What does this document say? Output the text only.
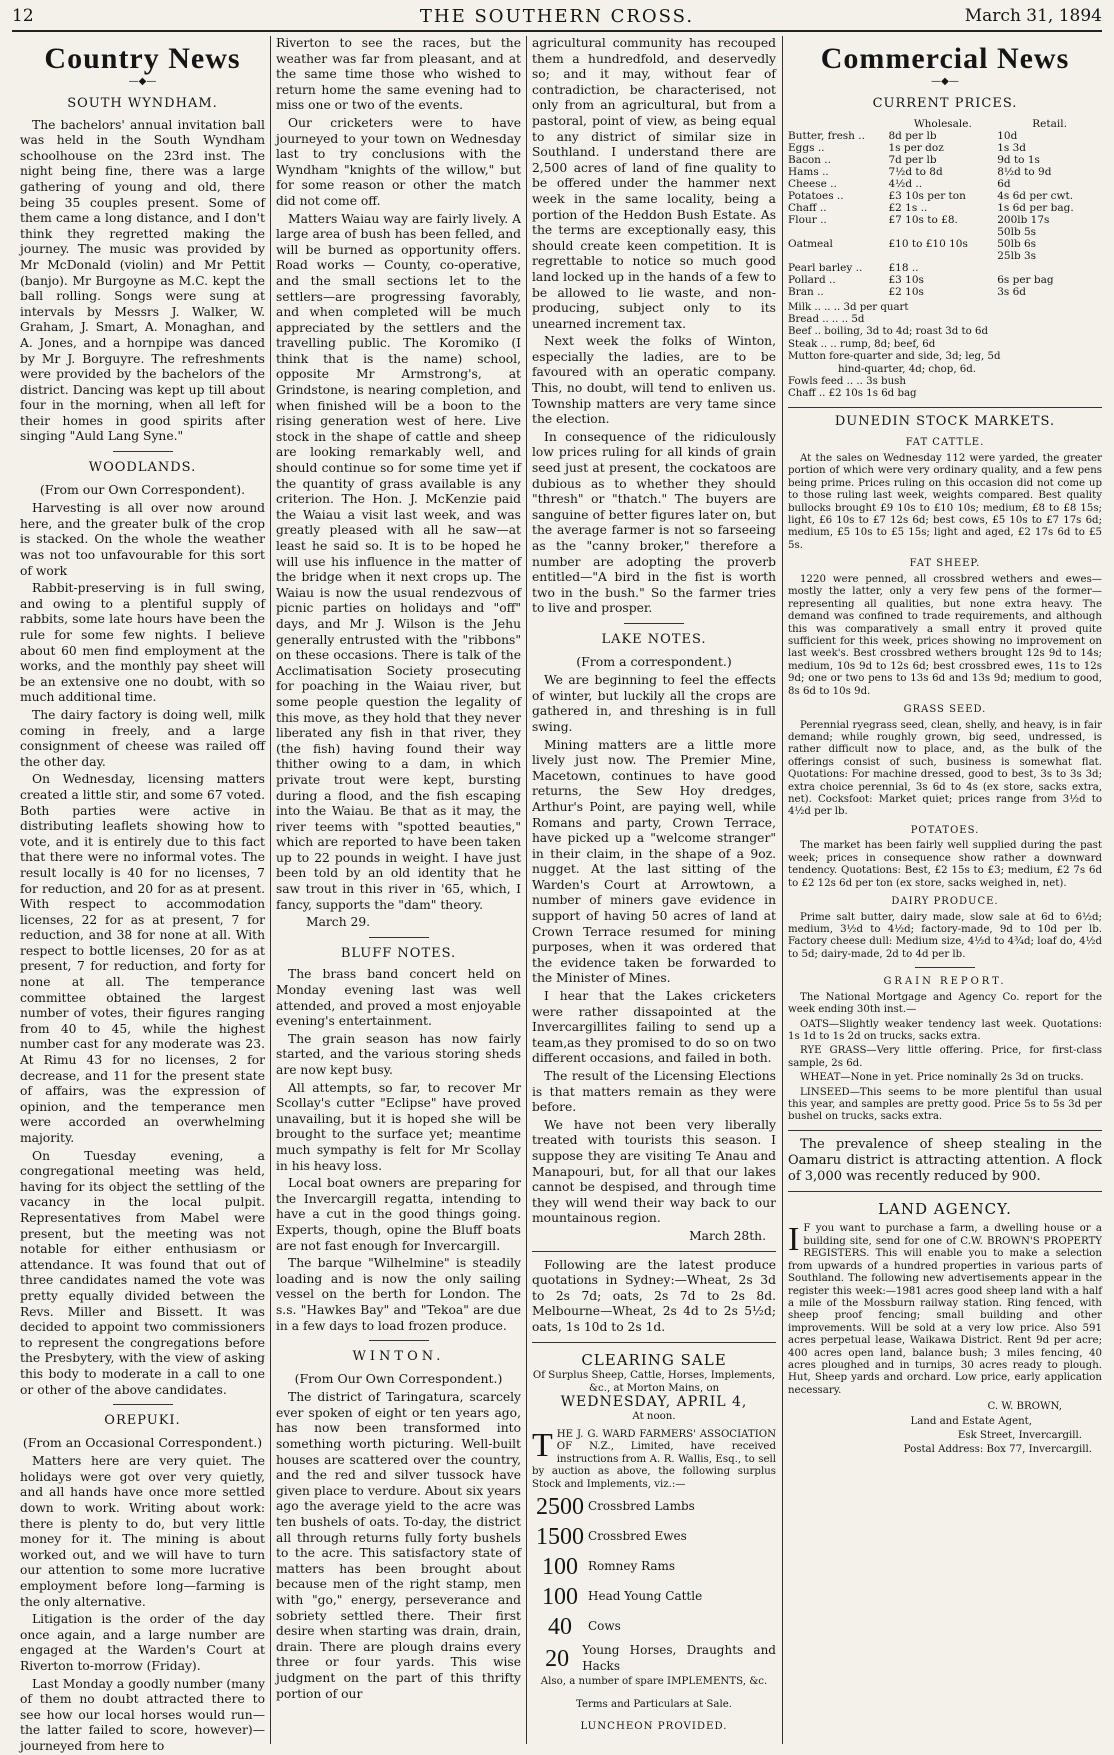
12	THE SOUTHERN CROSS.	March 31, 1894
Country News
—◆—
SOUTH WYNDHAM.

The bachelors' annual invitation ball was held in the South Wyndham schoolhouse on the 23rd inst. The night being fine, there was a large gathering of young and old, there being 35 couples present. Some of them came a long distance, and I don't think they regretted making the journey. The music was provided by Mr McDonald (violin) and Mr Pettit (banjo). Mr Burgoyne as M.C. kept the ball rolling. Songs were sung at intervals by Messrs J. Walker, W. Graham, J. Smart, A. Monaghan, and A. Jones, and a hornpipe was danced by Mr J. Borguyre. The refreshments were provided by the bachelors of the district. Dancing was kept up till about four in the morning, when all left for their homes in good spirits after singing "Auld Lang Syne."

WOODLANDS.
(From our Own Correspondent).

Harvesting is all over now around here, and the greater bulk of the crop is stacked. On the whole the weather was not too unfavourable for this sort of work

Rabbit-preserving is in full swing, and owing to a plentiful supply of rabbits, some late hours have been the rule for some few nights. I believe about 60 men find employment at the works, and the monthly pay sheet will be an extensive one no doubt, with so much additional time.

The dairy factory is doing well, milk coming in freely, and a large consignment of cheese was railed off the other day.

On Wednesday, licensing matters created a little stir, and some 67 voted. Both parties were active in distributing leaflets showing how to vote, and it is entirely due to this fact that there were no informal votes. The result locally is 40 for no licenses, 7 for reduction, and 20 for as at present. With respect to accommodation licenses, 22 for as at present, 7 for reduction, and 38 for none at all. With respect to bottle licenses, 20 for as at present, 7 for reduction, and forty for none at all. The temperance committee obtained the largest number of votes, their figures ranging from 40 to 45, while the highest number cast for any moderate was 23. At Rimu 43 for no licenses, 2 for decrease, and 11 for the present state of affairs, was the expression of opinion, and the temperance men were accorded an overwhelming majority.

On Tuesday evening, a congregational meeting was held, having for its object the settling of the vacancy in the local pulpit. Representatives from Mabel were present, but the meeting was not notable for either enthusiasm or attendance. It was found that out of three candidates named the vote was pretty equally divided between the Revs. Miller and Bissett. It was decided to appoint two commissioners to represent the congregations before the Presbytery, with the view of asking this body to moderate in a call to one or other of the above candidates.

OREPUKI.
(From an Occasional Correspondent.)

Matters here are very quiet. The holidays were got over very quietly, and all hands have once more settled down to work. Writing about work: there is plenty to do, but very little money for it. The mining is about worked out, and we will have to turn our attention to some more lucrative employment before long—farming is the only alternative.

Litigation is the order of the day once again, and a large number are engaged at the Warden's Court at Riverton to-morrow (Friday).

Last Monday a goodly number (many of them no doubt attracted there to see how our local horses would run—the latter failed to score, however)—journeyed from here to

Riverton to see the races, but the weather was far from pleasant, and at the same time those who wished to return home the same evening had to miss one or two of the events.

Our cricketers were to have journeyed to your town on Wednesday last to try conclusions with the Wyndham "knights of the willow," but for some reason or other the match did not come off.

Matters Waiau way are fairly lively. A large area of bush has been felled, and will be burned as opportunity offers. Road works — County, co-operative, and the small sections let to the settlers—are progressing favorably, and when completed will be much appreciated by the settlers and the travelling public. The Koromiko (I think that is the name) school, opposite Mr Armstrong's, at Grindstone, is nearing completion, and when finished will be a boon to the rising generation west of here. Live stock in the shape of cattle and sheep are looking remarkably well, and should continue so for some time yet if the quantity of grass available is any criterion. The Hon. J. McKenzie paid the Waiau a visit last week, and was greatly pleased with all he saw—at least he said so. It is to be hoped he will use his influence in the matter of the bridge when it next crops up. The Waiau is now the usual rendezvous of picnic parties on holidays and "off" days, and Mr J. Wilson is the Jehu generally entrusted with the "ribbons" on these occasions. There is talk of the Acclimatisation Society prosecuting for poaching in the Waiau river, but some people question the legality of this move, as they hold that they never liberated any fish in that river, they (the fish) having found their way thither owing to a dam, in which private trout were kept, bursting during a flood, and the fish escaping into the Waiau. Be that as it may, the river teems with "spotted beauties," which are reported to have been taken up to 22 pounds in weight. I have just been told by an old identity that he saw trout in this river in '65, which, I fancy, supports the "dam" theory.

March 29.
BLUFF NOTES.

The brass band concert held on Monday evening last was well attended, and proved a most enjoyable evening's entertainment.

The grain season has now fairly started, and the various storing sheds are now kept busy.

All attempts, so far, to recover Mr Scollay's cutter "Eclipse" have proved unavailing, but it is hoped she will be brought to the surface yet; meantime much sympathy is felt for Mr Scollay in his heavy loss.

Local boat owners are preparing for the Invercargill regatta, intending to have a cut in the good things going. Experts, though, opine the Bluff boats are not fast enough for Invercargill.

The barque "Wilhelmine" is steadily loading and is now the only sailing vessel on the berth for London. The s.s. "Hawkes Bay" and "Tekoa" are due in a few days to load frozen produce.

WINTON.
(From Our Own Correspondent.)

The district of Taringatura, scarcely ever spoken of eight or ten years ago, has now been transformed into something worth picturing. Well-built houses are scattered over the country, and the red and silver tussock have given place to verdure. About six years ago the average yield to the acre was ten bushels of oats. To-day, the district all through returns fully forty bushels to the acre. This satisfactory state of matters has been brought about because men of the right stamp, men with "go," energy, perseverance and sobriety settled there. Their first desire when starting was drain, drain, drain. There are plough drains every three or four yards. This wise judgment on the part of this thrifty portion of our

agricultural community has recouped them a hundredfold, and deservedly so; and it may, without fear of contradiction, be characterised, not only from an agricultural, but from a pastoral, point of view, as being equal to any district of similar size in Southland. I understand there are 2,500 acres of land of fine quality to be offered under the hammer next week in the same locality, being a portion of the Heddon Bush Estate. As the terms are exceptionally easy, this should create keen competition. It is regrettable to notice so much good land locked up in the hands of a few to be allowed to lie waste, and non-producing, subject only to its unearned increment tax.

Next week the folks of Winton, especially the ladies, are to be favoured with an operatic company. This, no doubt, will tend to enliven us. Township matters are very tame since the election.

In consequence of the ridiculously low prices ruling for all kinds of grain seed just at present, the cockatoos are dubious as to whether they should "thresh" or "thatch." The buyers are sanguine of better figures later on, but the average farmer is not so farseeing as the "canny broker," therefore a number are adopting the proverb entitled—"A bird in the fist is worth two in the bush." So the farmer tries to live and prosper.

LAKE NOTES.
(From a correspondent.)

We are beginning to feel the effects of winter, but luckily all the crops are gathered in, and threshing is in full swing.

Mining matters are a little more lively just now. The Premier Mine, Macetown, continues to have good returns, the Sew Hoy dredges, Arthur's Point, are paying well, while Romans and party, Crown Terrace, have picked up a "welcome stranger" in their claim, in the shape of a 9oz. nugget. At the last sitting of the Warden's Court at Arrowtown, a number of miners gave evidence in support of having 50 acres of land at Crown Terrace resumed for mining purposes, when it was ordered that the evidence taken be forwarded to the Minister of Mines.

I hear that the Lakes cricketers were rather dissapointed at the Invercargillites failing to send up a team,as they promised to do so on two different occasions, and failed in both.

The result of the Licensing Elections is that matters remain as they were before.

We have not been very liberally treated with tourists this season. I suppose they are visiting Te Anau and Manapouri, but, for all that our lakes cannot be despised, and through time they will wend their way back to our mountainous region.

March 28th.

Following are the latest produce quotations in Sydney:—Wheat, 2s 3d to 2s 7d; oats, 2s 7d to 2s 8d. Melbourne—Wheat, 2s 4d to 2s 5½d; oats, 1s 10d to 2s 1d.

CLEARING SALE
Of Surplus Sheep, Cattle, Horses, Implements, &c., at Morton Mains, on
WEDNESDAY, APRIL 4,
At noon.
T HE J. G. WARD FARMERS' ASSOCIATION OF N.Z., Limited, have received instructions from A. R. Wallis, Esq., to sell by auction as above, the following surplus Stock and Implements, viz.:—
2500 Crossbred Lambs
1500 Crossbred Ewes
100 Romney Rams
100 Head Young Cattle
40	Cows
20	Young Horses, Draughts and Hacks
Also, a number of spare IMPLEMENTS, &c.
Terms and Particulars at Sale.
LUNCHEON PROVIDED.
Commercial News
—◆—
CURRENT PRICES.
	Wholesale.	Retail.
Butter, fresh ..	8d per lb	10d
Eggs ..	1s per doz	1s 3d
Bacon ..	7d per lb	9d to 1s
Hams ..	7½d to 8d	8½d to 9d
Cheese ..	4½d ..	6d
Potatoes ..	£3 10s per ton	4s 6d per cwt.
Chaff ..	£2 1s ..	1s 6d per bag.
Flour ..	£7 10s to £8.	200lb 17s
		50lb 5s
Oatmeal	£10 to £10 10s	50lb 6s
		25lb 3s
Pearl barley ..	£18 ..	
Pollard ..	£3 10s	6s per bag
Bran ..	£2 10s	3s 6d
Milk .. .. .. 3d per quart
Bread .. .. .. 5d
Beef .. boiling, 3d to 4d; roast 3d to 6d
Steak .. .. rump, 8d; beef, 6d
Mutton fore-quarter and side, 3d; leg, 5d
hind-quarter, 4d; chop, 6d.
Fowls feed .. .. 3s bush
Chaff .. £2 10s 1s 6d bag
DUNEDIN STOCK MARKETS.
FAT CATTLE.

At the sales on Wednesday 112 were yarded, the greater portion of which were very ordinary quality, and a few pens being prime. Prices ruling on this occasion did not come up to those ruling last week, weights compared. Best quality bullocks brought £9 10s to £10 10s; medium, £8 to £8 15s; light, £6 10s to £7 12s 6d; best cows, £5 10s to £7 17s 6d; medium, £5 10s to £5 15s; light and aged, £2 17s 6d to £5 5s.

FAT SHEEP.

1220 were penned, all crossbred wethers and ewes—mostly the latter, only a very few pens of the former—representing all qualities, but none extra heavy. The demand was confined to trade requirements, and although this was comparatively a small entry it proved quite sufficient for this week, prices showing no improvement on last week's. Best crossbred wethers brought 12s 9d to 14s; medium, 10s 9d to 12s 6d; best crossbred ewes, 11s to 12s 9d; one or two pens to 13s 6d and 13s 9d; medium to good, 8s 6d to 10s 9d.

GRASS SEED.

Perennial ryegrass seed, clean, shelly, and heavy, is in fair demand; while roughly grown, big seed, undressed, is rather difficult now to place, and, as the bulk of the offerings consist of such, business is somewhat flat. Quotations: For machine dressed, good to best, 3s to 3s 3d; extra choice perennial, 3s 6d to 4s (ex store, sacks extra, net). Cocksfoot: Market quiet; prices range from 3½d to 4½d per lb.

POTATOES.

The market has been fairly well supplied during the past week; prices in consequence show rather a downward tendency. Quotations: Best, £2 15s to £3; medium, £2 7s 6d to £2 12s 6d per ton (ex store, sacks weighed in, net).

DAIRY PRODUCE.

Prime salt butter, dairy made, slow sale at 6d to 6½d; medium, 3½d to 4½d; factory-made, 9d to 10d per lb. Factory cheese dull: Medium size, 4½d to 4¾d; loaf do, 4½d to 5d; dairy-made, 2d to 4d per lb.

GRAIN REPORT.

The National Mortgage and Agency Co. report for the week ending 30th inst.—

OATS—Slightly weaker tendency last week. Quotations: 1s 1d to 1s 2d on trucks, sacks extra.

RYE GRASS—Very little offering. Price, for first-class sample, 2s 6d.

WHEAT—None in yet. Price nominally 2s 3d on trucks.

LINSEED—This seems to be more plentiful than usual this year, and samples are pretty good. Price 5s to 5s 3d per bushel on trucks, sacks extra.

The prevalence of sheep stealing in the Oamaru district is attracting attention. A flock of 3,000 was recently reduced by 900.

LAND AGENCY.
I F you want to purchase a farm, a dwelling house or a building site, send for one of C.W. BROWN'S PROPERTY REGISTERS. This will enable you to make a selection from upwards of a hundred properties in various parts of Southland. The following new advertisements appear in the register this week:—1981 acres good sheep land with a half a mile of the Mossburn railway station. Ring fenced, with sheep proof fencing; small building and other improvements. Will be sold at a very low price. Also 591 acres perpetual lease, Waikawa District. Rent 9d per acre; 400 acres open land, balance bush; 3 miles fencing, 40 acres ploughed and in turnips, 30 acres ready to plough. Hut, Sheep yards and orchard. Low price, early application necessary.

C. W. BROWN,

Land and Estate Agent,

Esk Street, Invercargill.

Postal Address: Box 77, Invercargill.
